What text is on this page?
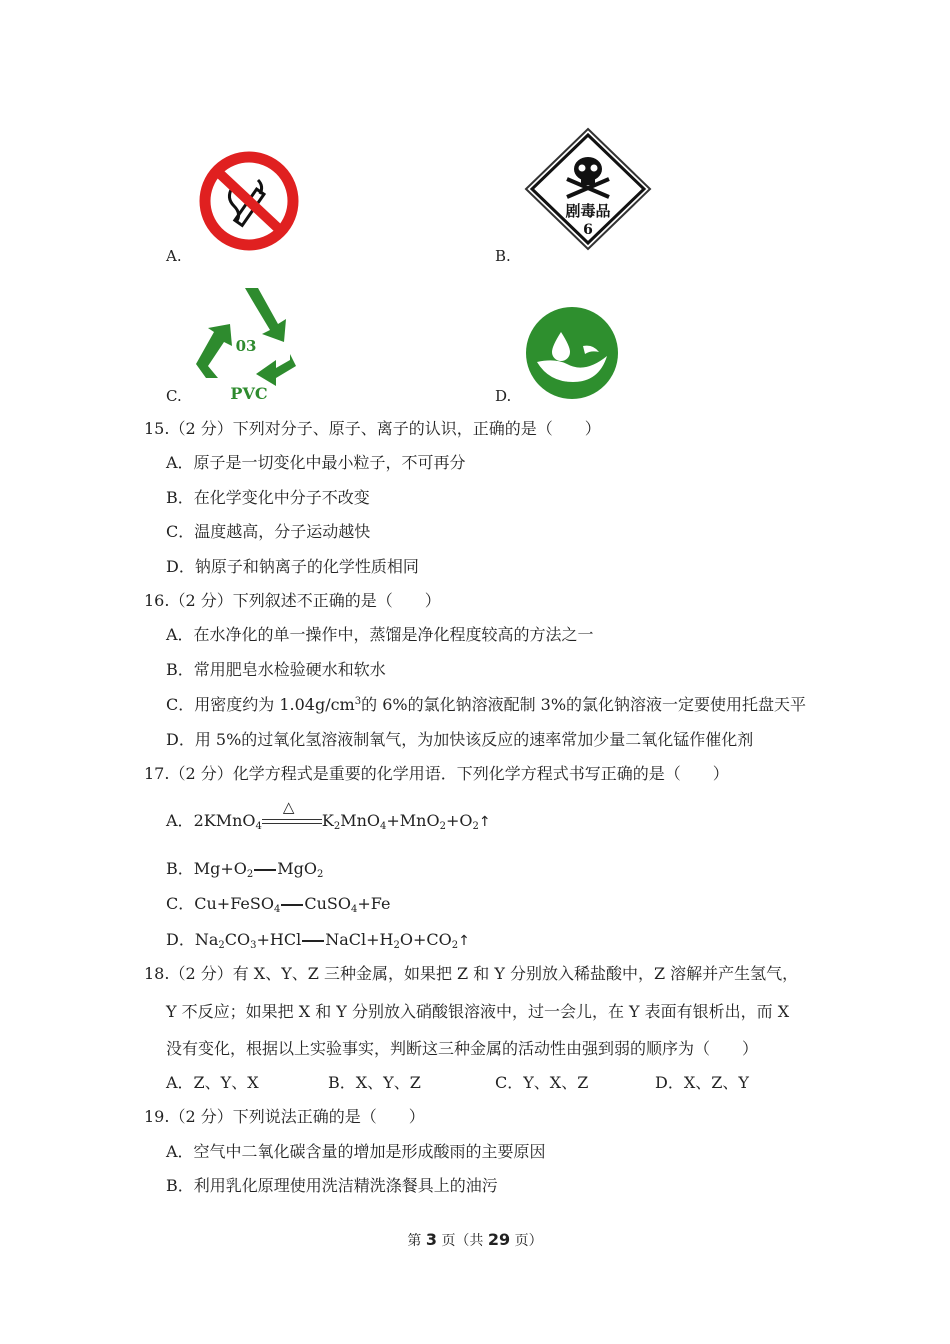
A.
剧毒品
6
B.
03
PVC
C.	D.
15.（2 分）下列对分子、原子、离子的认识，正确的是（　　）
A．原子是一切变化中最小粒子，不可再分
B．在化学变化中分子不改变
C．温度越高，分子运动越快
D．钠原子和钠离子的化学性质相同
16.（2 分）下列叙述不正确的是（　　）
A．在水净化的单一操作中，蒸馏是净化程度较高的方法之一
B．常用肥皂水检验硬水和软水
C．用密度约为 $1.04g/cm^3$的 6%的氯化钠溶液配制 3%的氯化钠溶液一定要使用托盘天平
D．用 5%的过氧化氢溶液制氧气，为加快该反应的速率常加少量二氧化锰作催化剂
17.（2 分）化学方程式是重要的化学用语．下列化学方程式书写正确的是（　　）
A．2KMnO$_4$
△
$K_2MnO_4+MnO_2+O_2↑$
B．$Mg+O_2$ MgO$_2$
C．Cu+FeSO$_4$ CuSO$_4$+Fe
D．$Na_2CO_3+HCl$ $NaCl+H_2O+CO_2↑$
18.（2 分）有 X、Y、Z 三种金属，如果把 Z 和 Y 分别放入稀盐酸中，Z 溶解并产生氢气，
Y 不反应；如果把 X 和 Y 分别放入硝酸银溶液中，过一会儿，在 Y 表面有银析出，而 X
没有变化，根据以上实验事实，判断这三种金属的活动性由强到弱的顺序为（　　）
A．Z、Y、X	B．X、Y、Z	C．Y、X、Z	D．X、Z、Y
19.（2 分）下列说法正确的是（　　）
A．空气中二氧化碳含量的增加是形成酸雨的主要原因
B．利用乳化原理使用洗洁精洗涤餐具上的油污
第 3 页（共 29 页）
